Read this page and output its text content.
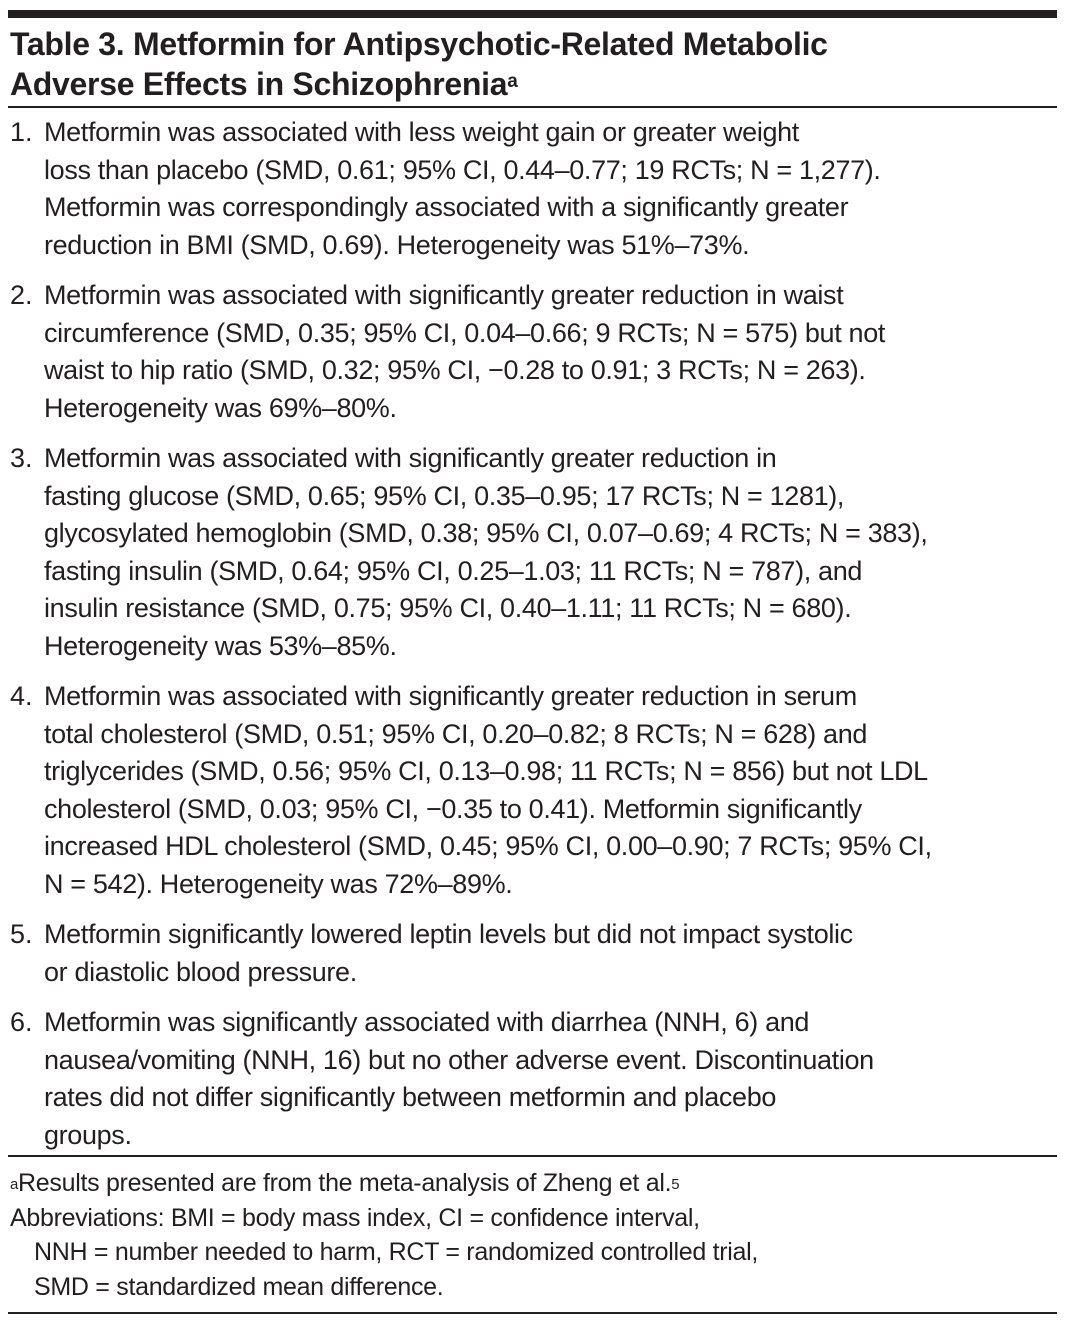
Table 3. Metformin for Antipsychotic-Related Metabolic
Adverse Effects in Schizophrenia$^a$
1. Metformin was associated with less weight gain or greater weight
loss than placebo (SMD, 0.61; 95% CI, 0.44–0.77; 19 RCTs; N = 1,277).
Metformin was correspondingly associated with a significantly greater
reduction in BMI (SMD, 0.69). Heterogeneity was 51%–73%.
2. Metformin was associated with significantly greater reduction in waist
circumference (SMD, 0.35; 95% CI, 0.04–0.66; 9 RCTs; N = 575) but not
waist to hip ratio (SMD, 0.32; 95% CI, −0.28 to 0.91; 3 RCTs; N = 263).
Heterogeneity was 69%–80%.
3. Metformin was associated with significantly greater reduction in
fasting glucose (SMD, 0.65; 95% CI, 0.35–0.95; 17 RCTs; N = 1281),
glycosylated hemoglobin (SMD, 0.38; 95% CI, 0.07–0.69; 4 RCTs; N = 383),
fasting insulin (SMD, 0.64; 95% CI, 0.25–1.03; 11 RCTs; N = 787), and
insulin resistance (SMD, 0.75; 95% CI, 0.40–1.11; 11 RCTs; N = 680).
Heterogeneity was 53%–85%.
4. Metformin was associated with significantly greater reduction in serum
total cholesterol (SMD, 0.51; 95% CI, 0.20–0.82; 8 RCTs; N = 628) and
triglycerides (SMD, 0.56; 95% CI, 0.13–0.98; 11 RCTs; N = 856) but not LDL
cholesterol (SMD, 0.03; 95% CI, −0.35 to 0.41). Metformin significantly
increased HDL cholesterol (SMD, 0.45; 95% CI, 0.00–0.90; 7 RCTs; 95% CI,
N = 542). Heterogeneity was 72%–89%.
5. Metformin significantly lowered leptin levels but did not impact systolic
or diastolic blood pressure.
6. Metformin was significantly associated with diarrhea (NNH, 6) and
nausea/vomiting (NNH, 16) but no other adverse event. Discontinuation
rates did not differ significantly between metformin and placebo
groups.
$^a$Results presented are from the meta-analysis of Zheng et al.$^5$
Abbreviations: BMI = body mass index, CI = confidence interval,
NNH = number needed to harm, RCT = randomized controlled trial,
SMD = standardized mean difference.
